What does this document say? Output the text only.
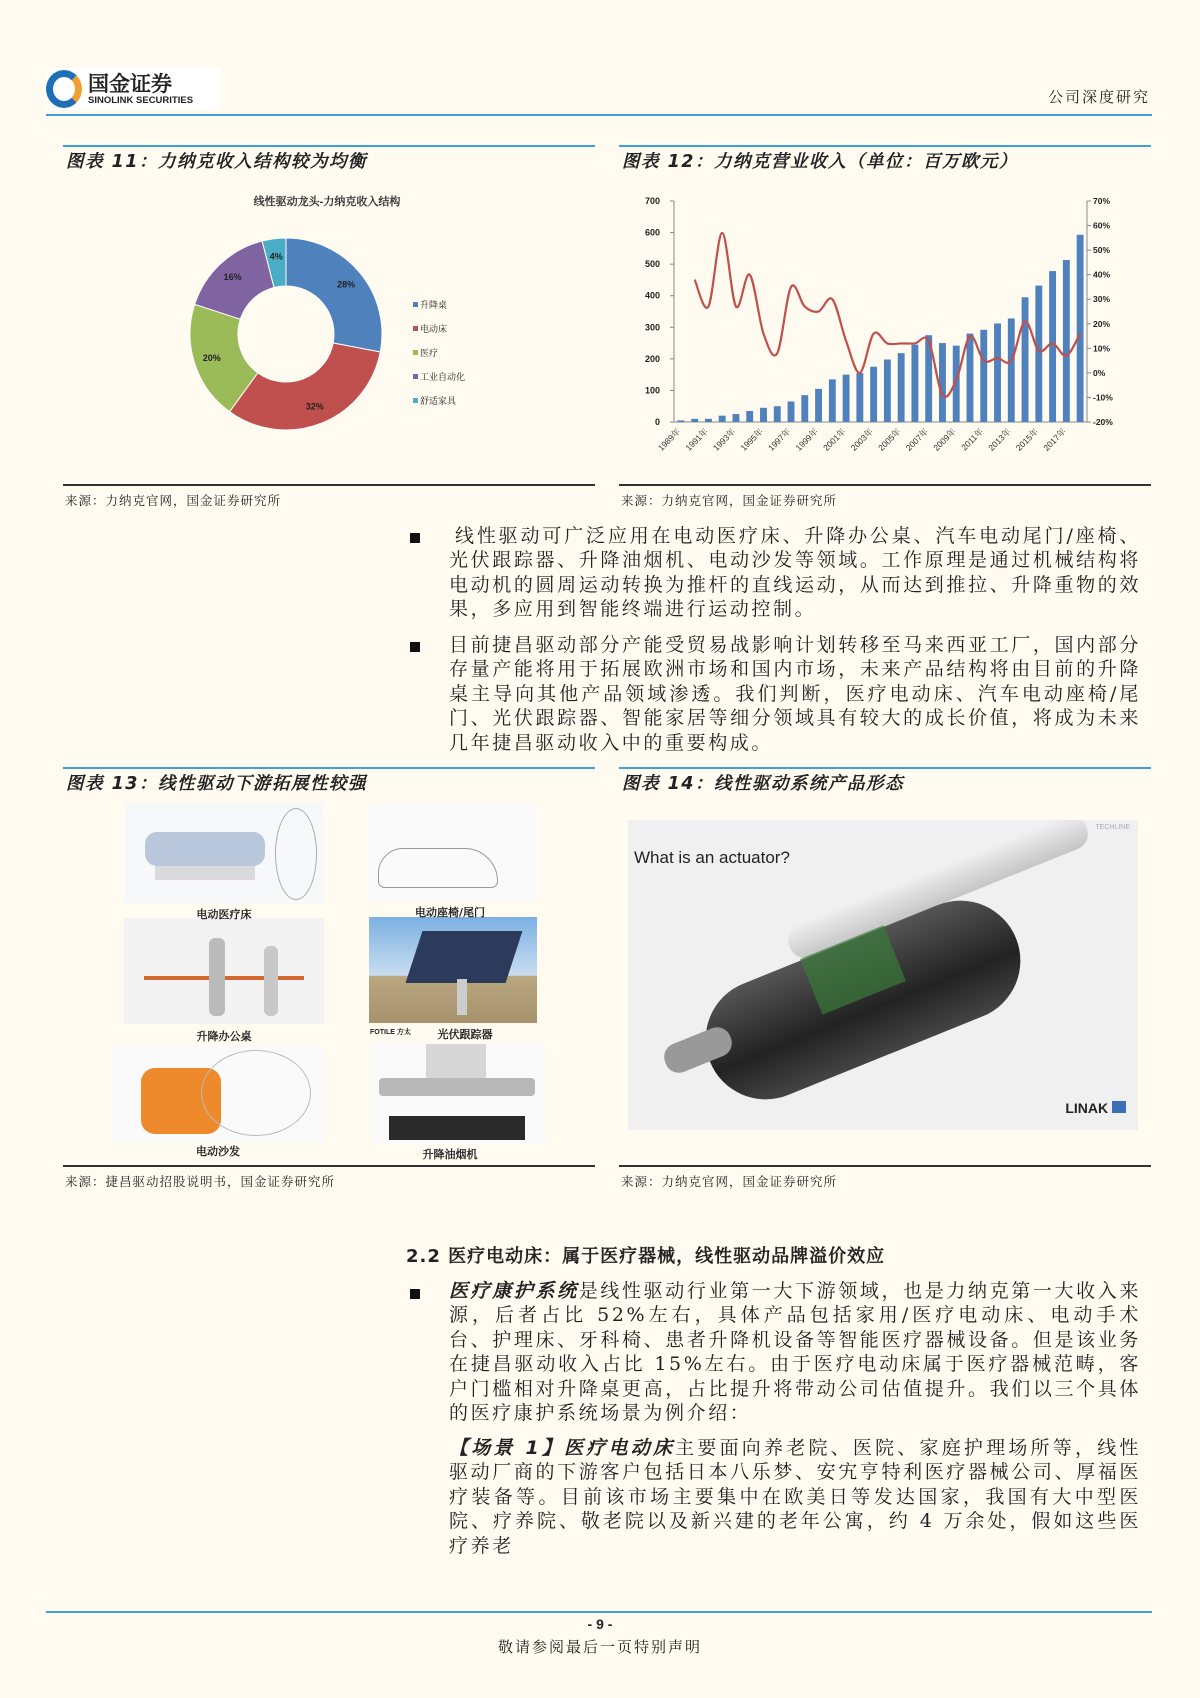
国金证券
SINOLINK SECURITIES	公司深度研究
图表 11：力纳克收入结构较为均衡	图表 12：力纳克营业收入（单位：百万欧元）
线性驱动龙头-力纳克收入结构
28%
升降桌
32%
电动床
20%
医疗
16%
工业自动化
4%
舒适家具
0
100
200
300
400
500
600
700
-20%
-10%
0%
10%
20%
30%
40%
50%
60%
70%
1989年 1991年 1993年 1995年 1997年 1999年 2001年 2003年 2005年 2007年 2009年 2011年 2013年 2015年 2017年
来源：力纳克官网，国金证券研究所	来源：力纳克官网，国金证券研究所
线性驱动可广泛应用在电动医疗床、升降办公桌、汽车电动尾门/座椅、光伏跟踪器、升降油烟机、电动沙发等领域。工作原理是通过机械结构将电动机的圆周运动转换为推杆的直线运动，从而达到推拉、升降重物的效果，多应用到智能终端进行运动控制。
目前捷昌驱动部分产能受贸易战影响计划转移至马来西亚工厂，国内部分存量产能将用于拓展欧洲市场和国内市场，未来产品结构将由目前的升降桌主导向其他产品领域渗透。我们判断，医疗电动床、汽车电动座椅/尾门、光伏跟踪器、智能家居等细分领域具有较大的成长价值，将成为未来几年捷昌驱动收入中的重要构成。
图表 13：线性驱动下游拓展性较强	图表 14：线性驱动系统产品形态
电动医疗床	电动座椅/尾门
升降办公桌	FOTILE 方太	光伏跟踪器
电动沙发	升降油烟机
What is an actuator?
TECHLINE
LINAK
来源：捷昌驱动招股说明书，国金证券研究所	来源：力纳克官网，国金证券研究所
2.2 医疗电动床：属于医疗器械，线性驱动品牌溢价效应
医疗康护系统是线性驱动行业第一大下游领域，也是力纳克第一大收入来源，后者占比 52%左右，具体产品包括家用/医疗电动床、电动手术台、护理床、牙科椅、患者升降机设备等智能医疗器械设备。但是该业务在捷昌驱动收入占比 15%左右。由于医疗电动床属于医疗器械范畴，客户门槛相对升降桌更高，占比提升将带动公司估值提升。我们以三个具体的医疗康护系统场景为例介绍：
【场景 1】医疗电动床主要面向养老院、医院、家庭护理场所等，线性驱动厂商的下游客户包括日本八乐梦、安宄亨特利医疗器械公司、厚福医疗装备等。目前该市场主要集中在欧美日等发达国家，我国有大中型医院、疗养院、敬老院以及新兴建的老年公寓，约 4 万余处，假如这些医疗养老
- 9 -
敬请参阅最后一页特别声明
